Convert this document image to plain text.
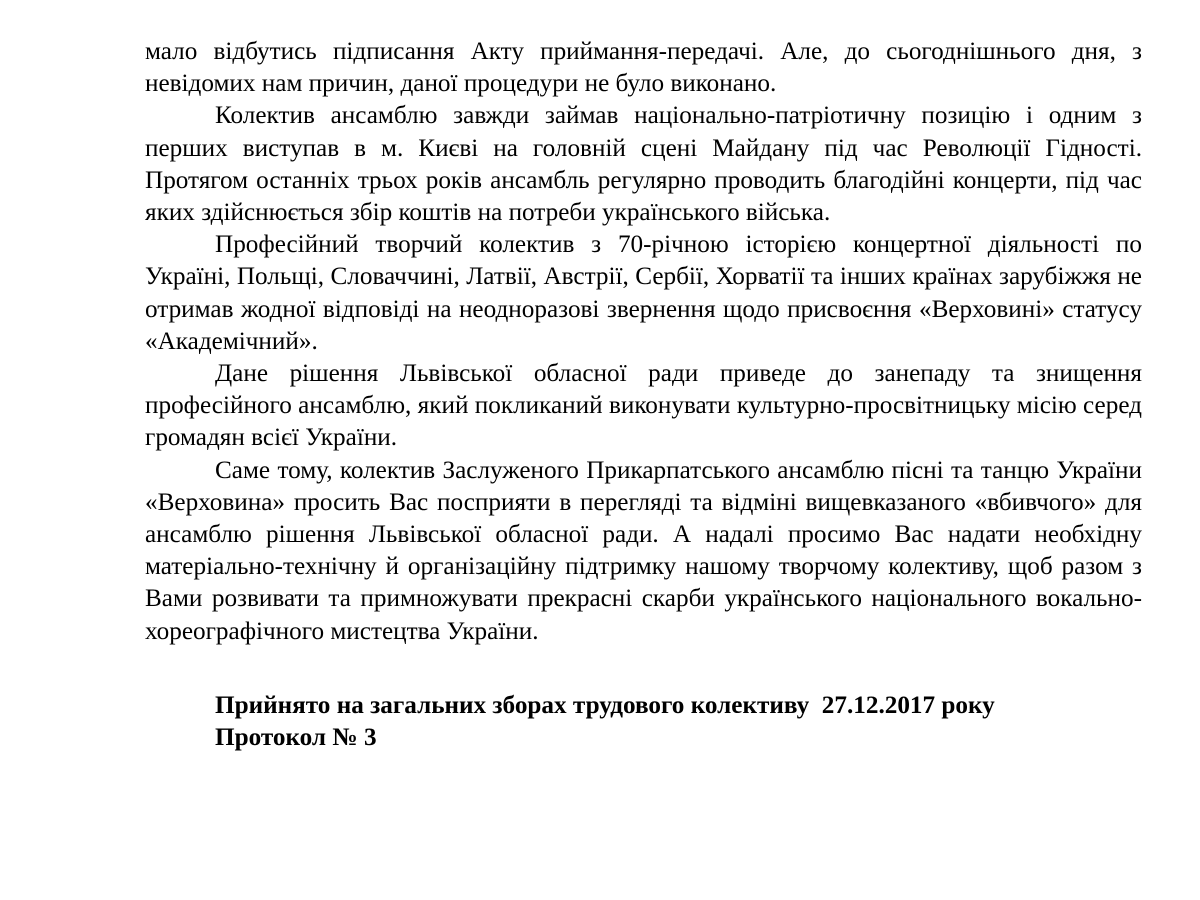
мало відбутись підписання Акту приймання-передачі. Але, до сьогоднішнього дня, з невідомих нам причин, даної процедури не було виконано.

Колектив ансамблю завжди займав національно-патріотичну позицію і одним з перших виступав в м. Києві на головній сцені Майдану під час Революції Гідності. Протягом останніх трьох років ансамбль регулярно проводить благодійні концерти, під час яких здійснюється збір коштів на потреби українського війська.

Професійний творчий колектив з 70-річною історією концертної діяльності по Україні, Польщі, Словаччині, Латвії, Австрії, Сербії, Хорватії та інших країнах зарубіжжя не отримав жодної відповіді на неодноразові звернення щодо присвоєння «Верховині» статусу «Академічний».

Дане рішення Львівської обласної ради приведе до занепаду та знищення професійного ансамблю, який покликаний виконувати культурно-просвітницьку місію серед громадян всієї України.

Саме тому, колектив Заслуженого Прикарпатського ансамблю пісні та танцю України «Верховина» просить Вас посприяти в перегляді та відміні вищевказаного «вбивчого» для ансамблю рішення Львівської обласної ради. А надалі просимо Вас надати необхідну матеріально-технічну й організаційну підтримку нашому творчому колективу, щоб разом з Вами розвивати та примножувати прекрасні скарби українського національного вокально-хореографічного мистецтва України.

Прийнято на загальних зборах трудового колективу  27.12.2017 року
Протокол № 3
